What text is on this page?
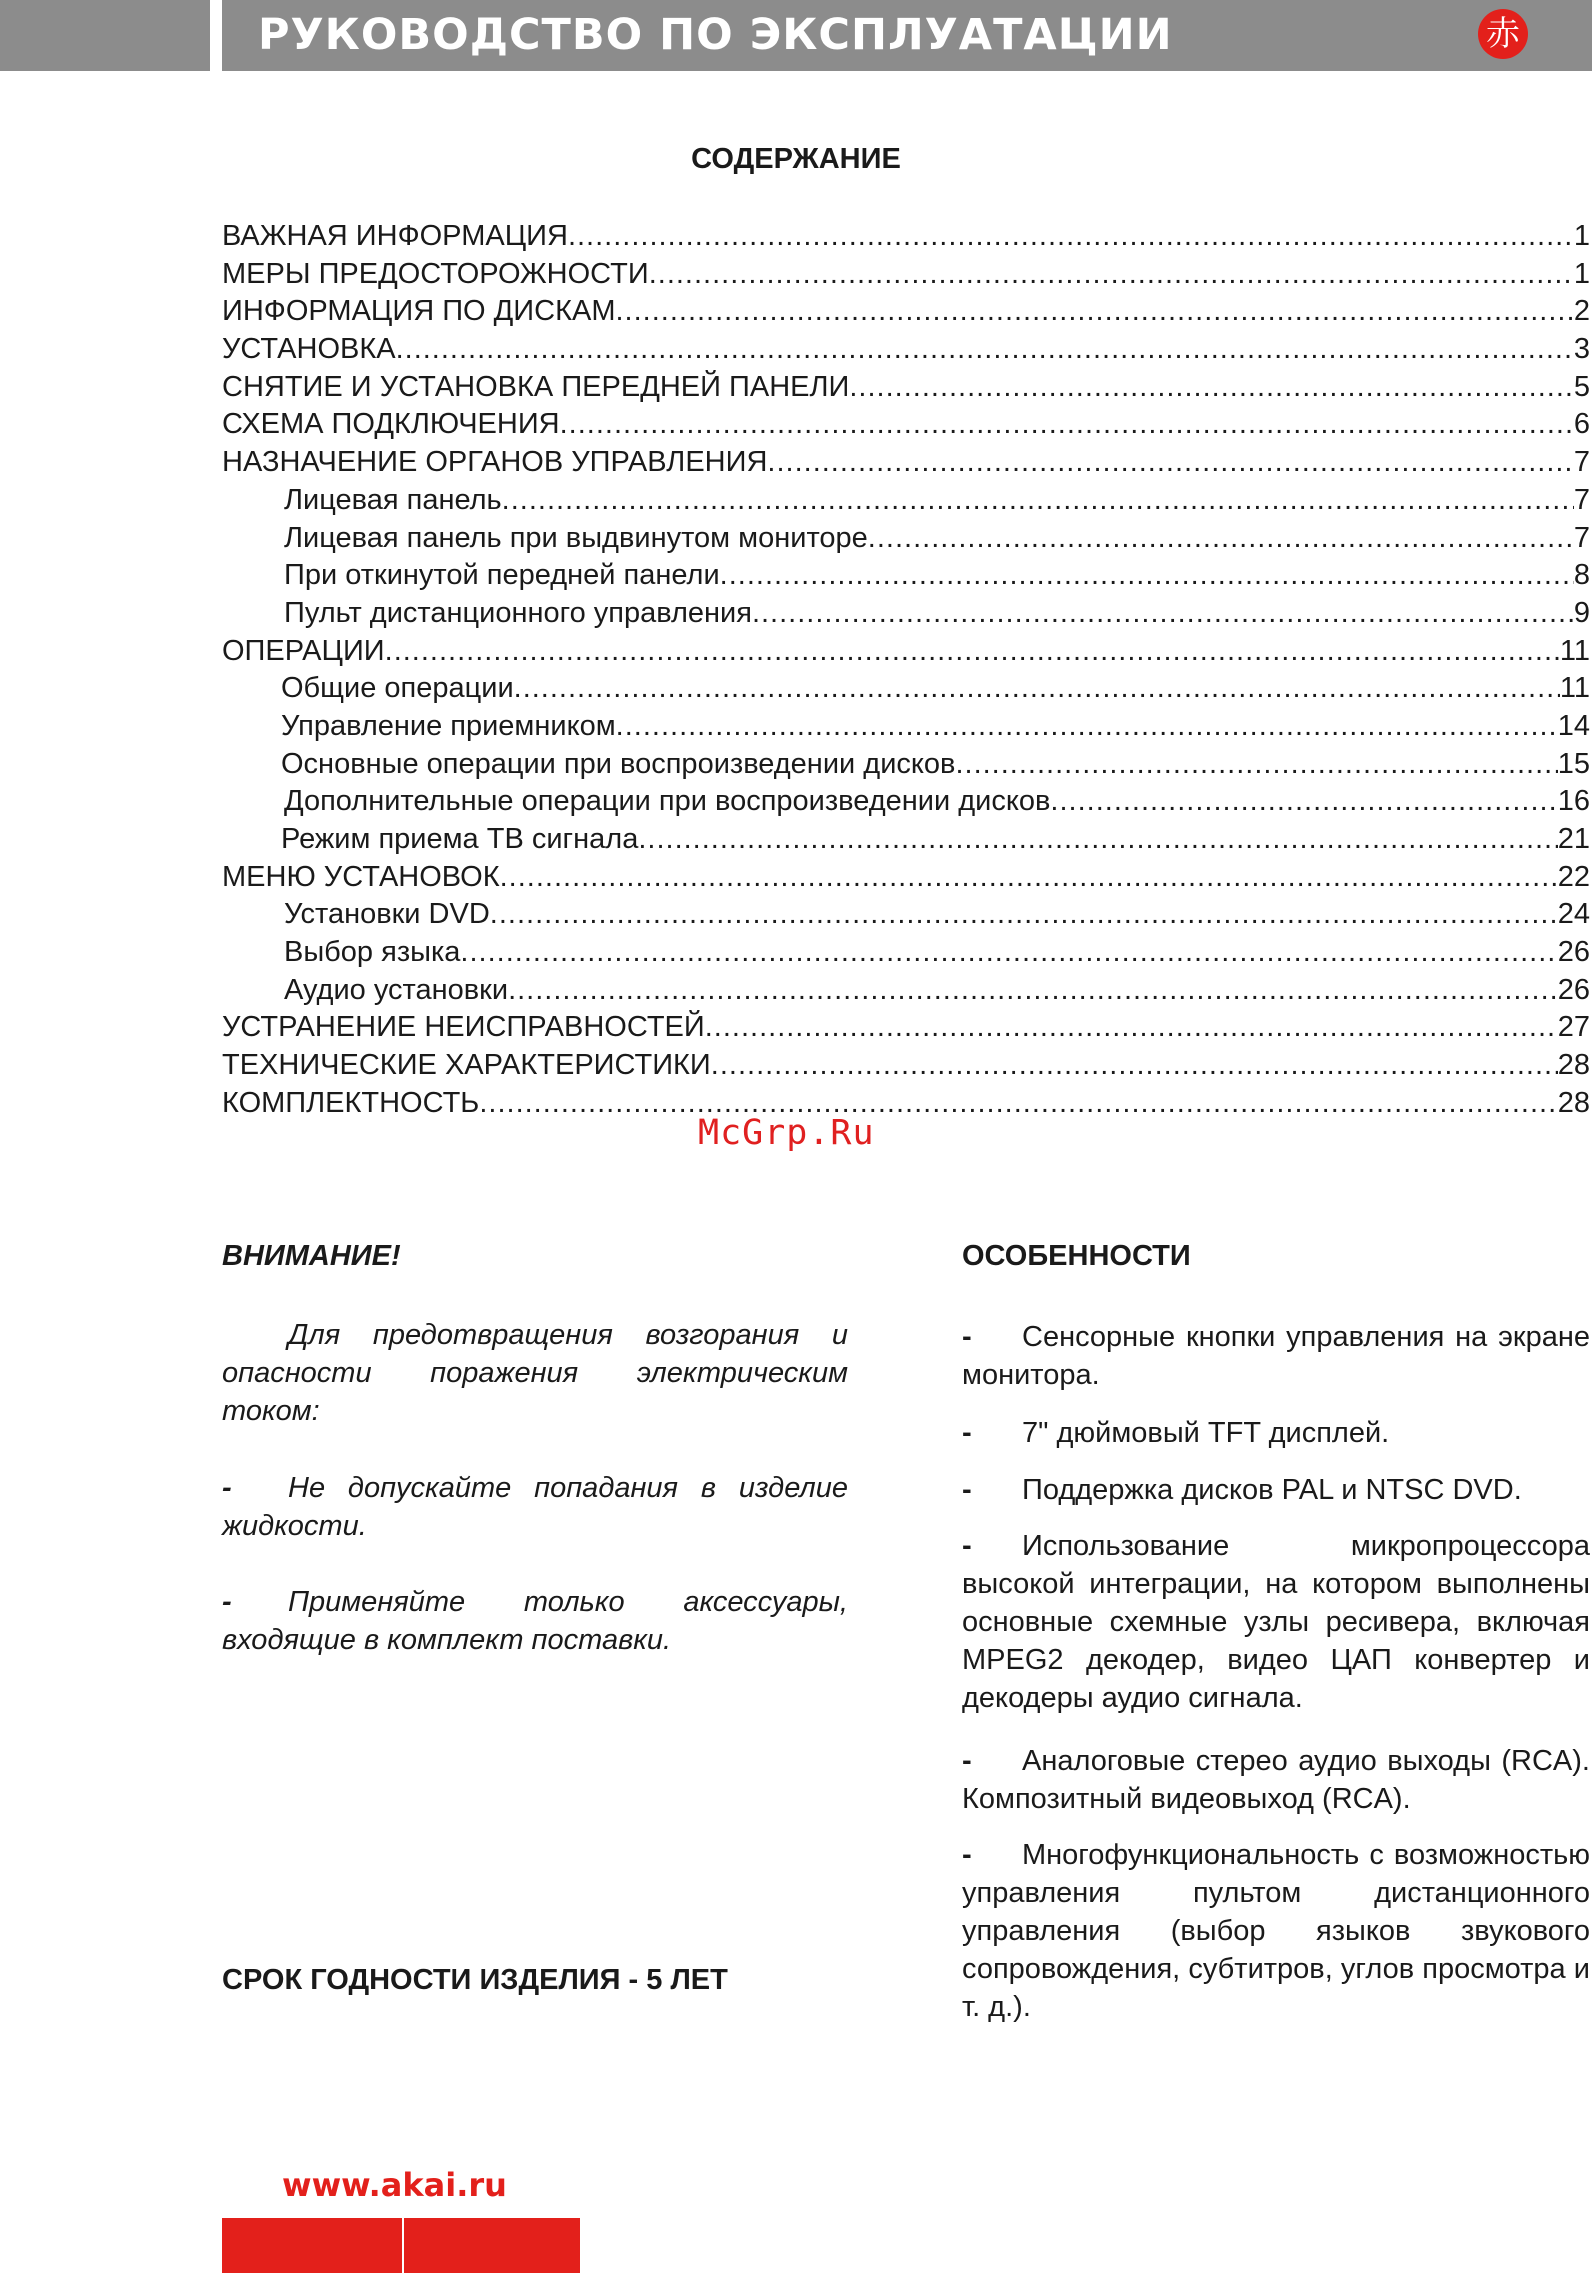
РУКОВОДСТВО ПО ЭКСПЛУАТАЦИИ	赤
СОДЕРЖАНИЕ
ВАЖНАЯ ИНФОРМАЦИЯ .....	1
МЕРЫ ПРЕДОСТОРОЖНОСТИ .....	1
ИНФОРМАЦИЯ ПО ДИСКАМ .....	2
УСТАНОВКА .....	3
СНЯТИЕ И УСТАНОВКА ПЕРЕДНЕЙ ПАНЕЛИ .....	5
СХЕМА ПОДКЛЮЧЕНИЯ .....	6
НАЗНАЧЕНИЕ ОРГАНОВ УПРАВЛЕНИЯ .....	7
Лицевая панель .....	7
Лицевая панель при выдвинутом мониторе .....	7
При откинутой передней панели .....	8
Пульт дистанционного управления .....	9
ОПЕРАЦИИ .....	11
Общие операции .....	11
Управление приемником .....	14
Основные операции при воспроизведении дисков .....	15
Дополнительные операции при воспроизведении дисков .....	16
Режим приема ТВ сигнала .....	21
МЕНЮ УСТАНОВОК .....	22
Установки DVD .....	24
Выбор языка .....	26
Аудио установки .....	26
УСТРАНЕНИЕ НЕИСПРАВНОСТЕЙ .....	27
ТЕХНИЧЕСКИЕ ХАРАКТЕРИСТИКИ .....	28
КОМПЛЕКТНОСТЬ .....	28
McGrp.Ru
ВНИМАНИЕ!
Для предотвращения возгорания и опасности поражения электрическим током:
- Не допускайте попадания в изделие жидкости.
- Применяйте только аксессуары, входящие в комплект поставки.
СРОК ГОДНОСТИ ИЗДЕЛИЯ - 5 ЛЕТ
ОСОБЕННОСТИ
- Сенсорные кнопки управления на экране монитора.
- 7" дюймовый TFT дисплей.
- Поддержка дисков PAL и NTSC DVD.
- Использование микропроцессора высокой интеграции, на котором выполнены основные схемные узлы ресивера, включая MPEG2 декодер, видео ЦАП конвертер и декодеры аудио сигнала.
- Аналоговые стерео аудио выходы (RCA). Композитный видеовыход (RCA).
- Многофункциональность с возможностью управления пультом дистанционного управления (выбор языков звукового сопровождения, субтитров, углов просмотра и т. д.).
www.akai.ru
